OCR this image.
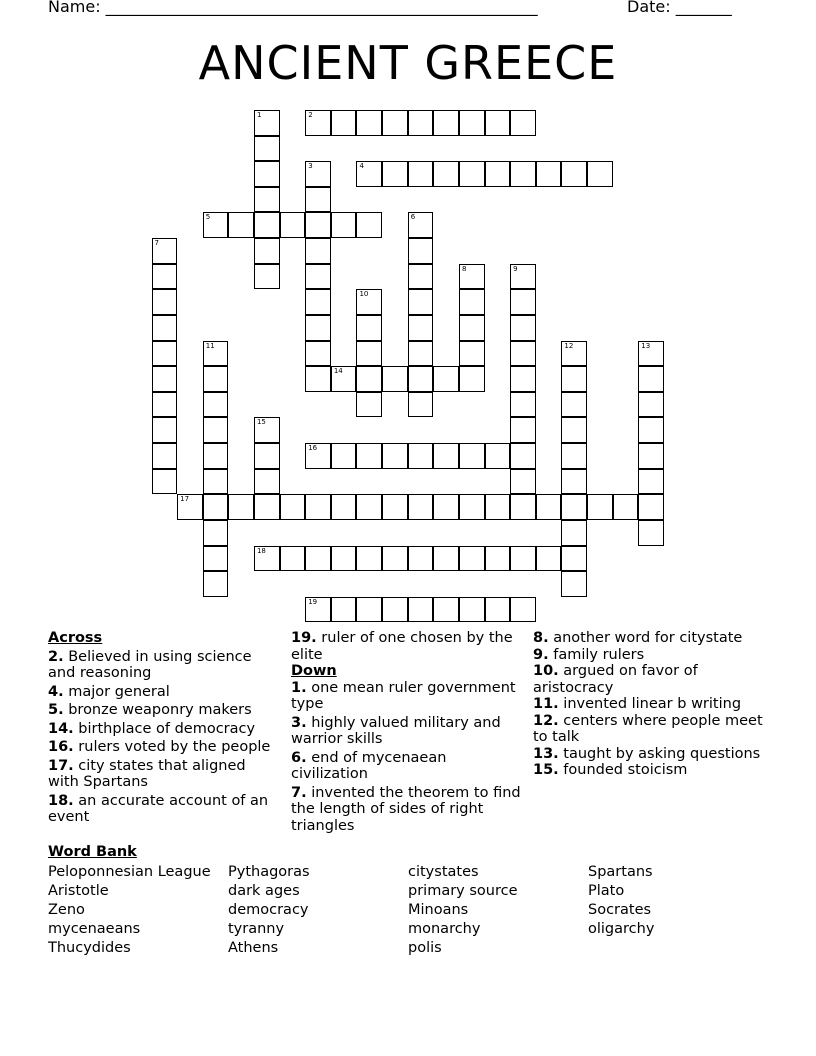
Name: ______________________________________________________	Date: _______
ANCIENT GREECE
2
4
5
14
16
17
18
19
1
3
6
7
8	9
10
11	12	13
15
Across
2. Believed in using science and reasoning
4. major general
5. bronze weaponry makers
14. birthplace of democracy
16. rulers voted by the people
17. city states that aligned with Spartans
18. an accurate account of an event
19. ruler of one chosen by the elite
Down
1. one mean ruler government type
3. highly valued military and warrior skills
6. end of mycenaean civilization
7. invented the theorem to find the length of sides of right triangles
8. another word for citystate
9. family rulers
10. argued on favor of aristocracy
11. invented linear b writing
12. centers where people meet to talk
13. taught by asking questions
15. founded stoicism
Word Bank
Peloponnesian League
Aristotle
Zeno
mycenaeans
Thucydides
Pythagoras
dark ages
democracy
tyranny
Athens
citystates
primary source
Minoans
monarchy
polis
Spartans
Plato
Socrates
oligarchy
